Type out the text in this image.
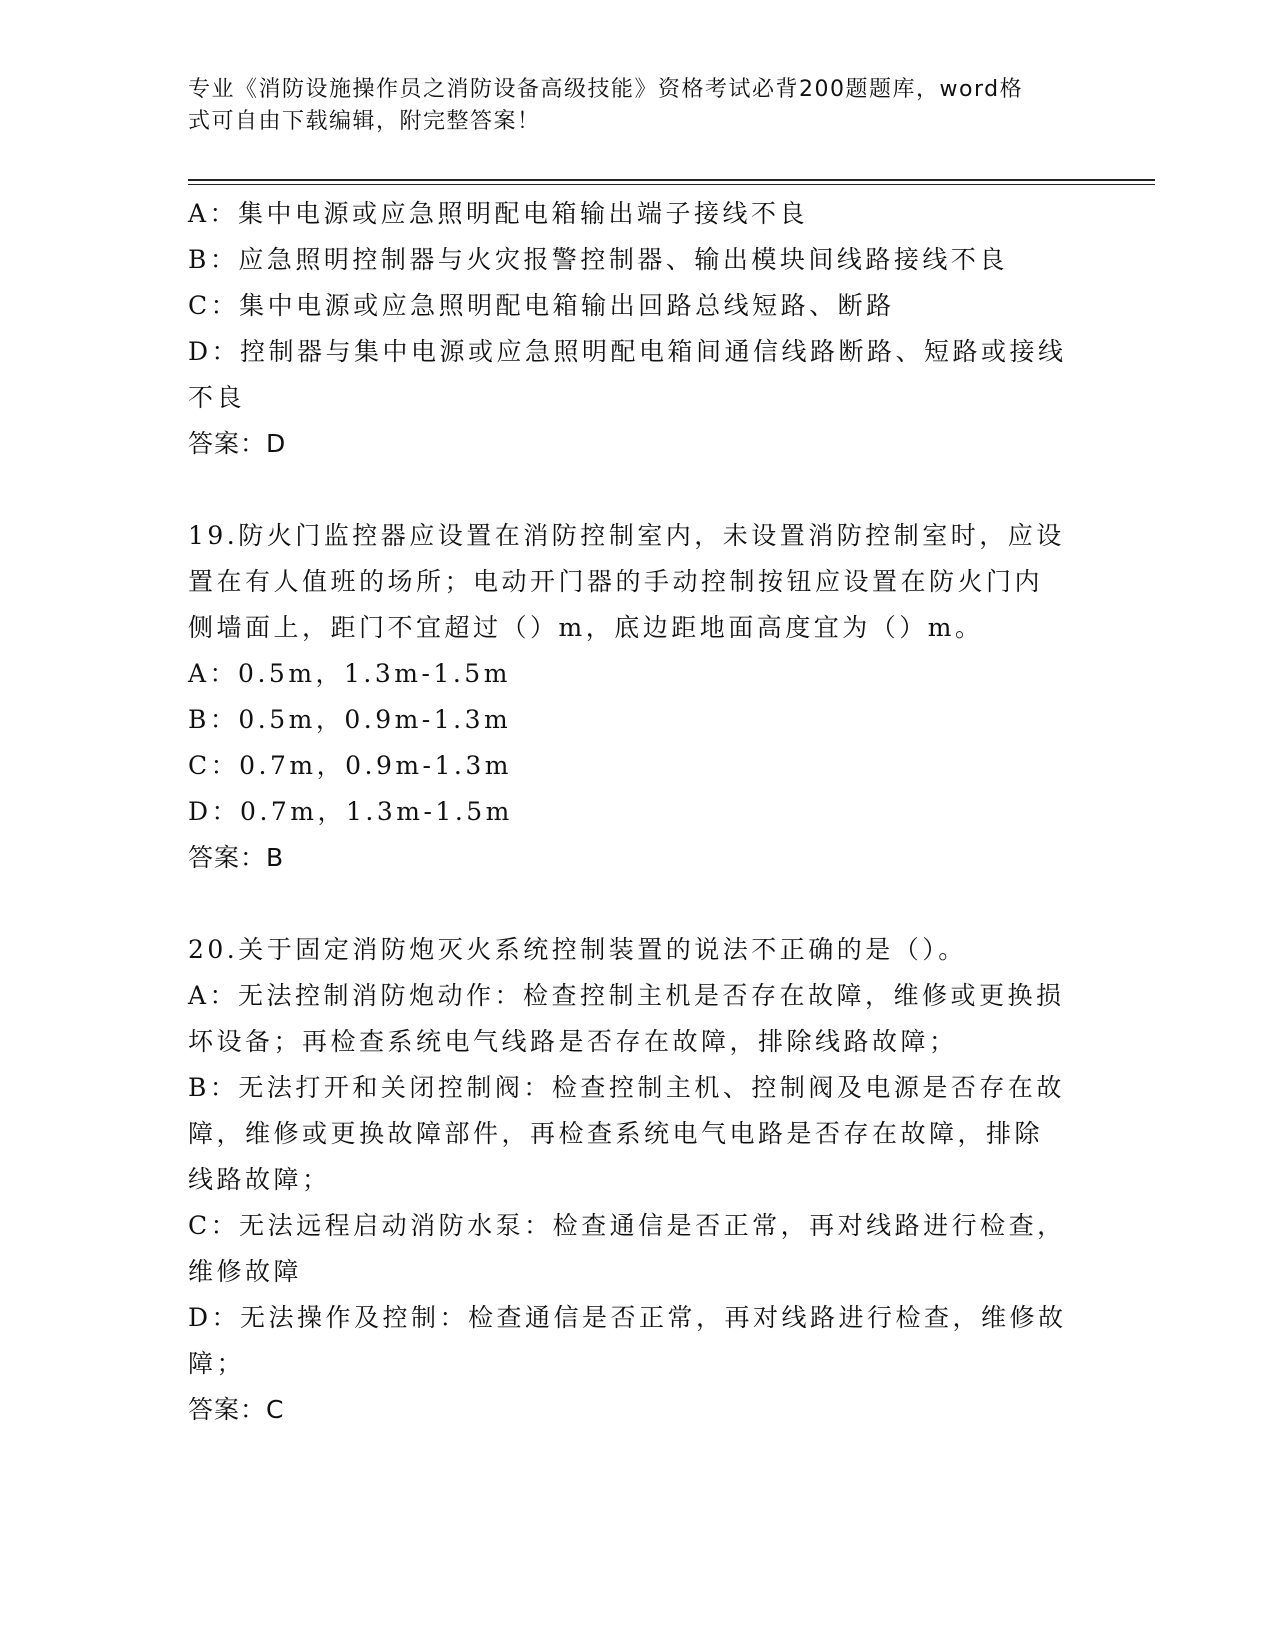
专业《消防设施操作员之消防设备高级技能》资格考试必背200题题库，word格
式可自由下载编辑，附完整答案！

A：集中电源或应急照明配电箱输出端子接线不良

B：应急照明控制器与火灾报警控制器、输出模块间线路接线不良

C：集中电源或应急照明配电箱输出回路总线短路、断路

D：控制器与集中电源或应急照明配电箱间通信线路断路、短路或接线

不良

答案：D

19.防火门监控器应设置在消防控制室内，未设置消防控制室时，应设

置在有人值班的场所；电动开门器的手动控制按钮应设置在防火门内

侧墙面上，距门不宜超过（）m，底边距地面高度宜为（）m。

A：0.5m，1.3m-1.5m

B：0.5m，0.9m-1.3m

C：0.7m，0.9m-1.3m

D：0.7m，1.3m-1.5m

答案：B

20.关于固定消防炮灭火系统控制装置的说法不正确的是（）。

A：无法控制消防炮动作：检查控制主机是否存在故障，维修或更换损

坏设备；再检查系统电气线路是否存在故障，排除线路故障；

B：无法打开和关闭控制阀：检查控制主机、控制阀及电源是否存在故

障，维修或更换故障部件，再检查系统电气电路是否存在故障，排除

线路故障；

C：无法远程启动消防水泵：检查通信是否正常，再对线路进行检查，

维修故障

D：无法操作及控制：检查通信是否正常，再对线路进行检查，维修故

障；

答案：C
